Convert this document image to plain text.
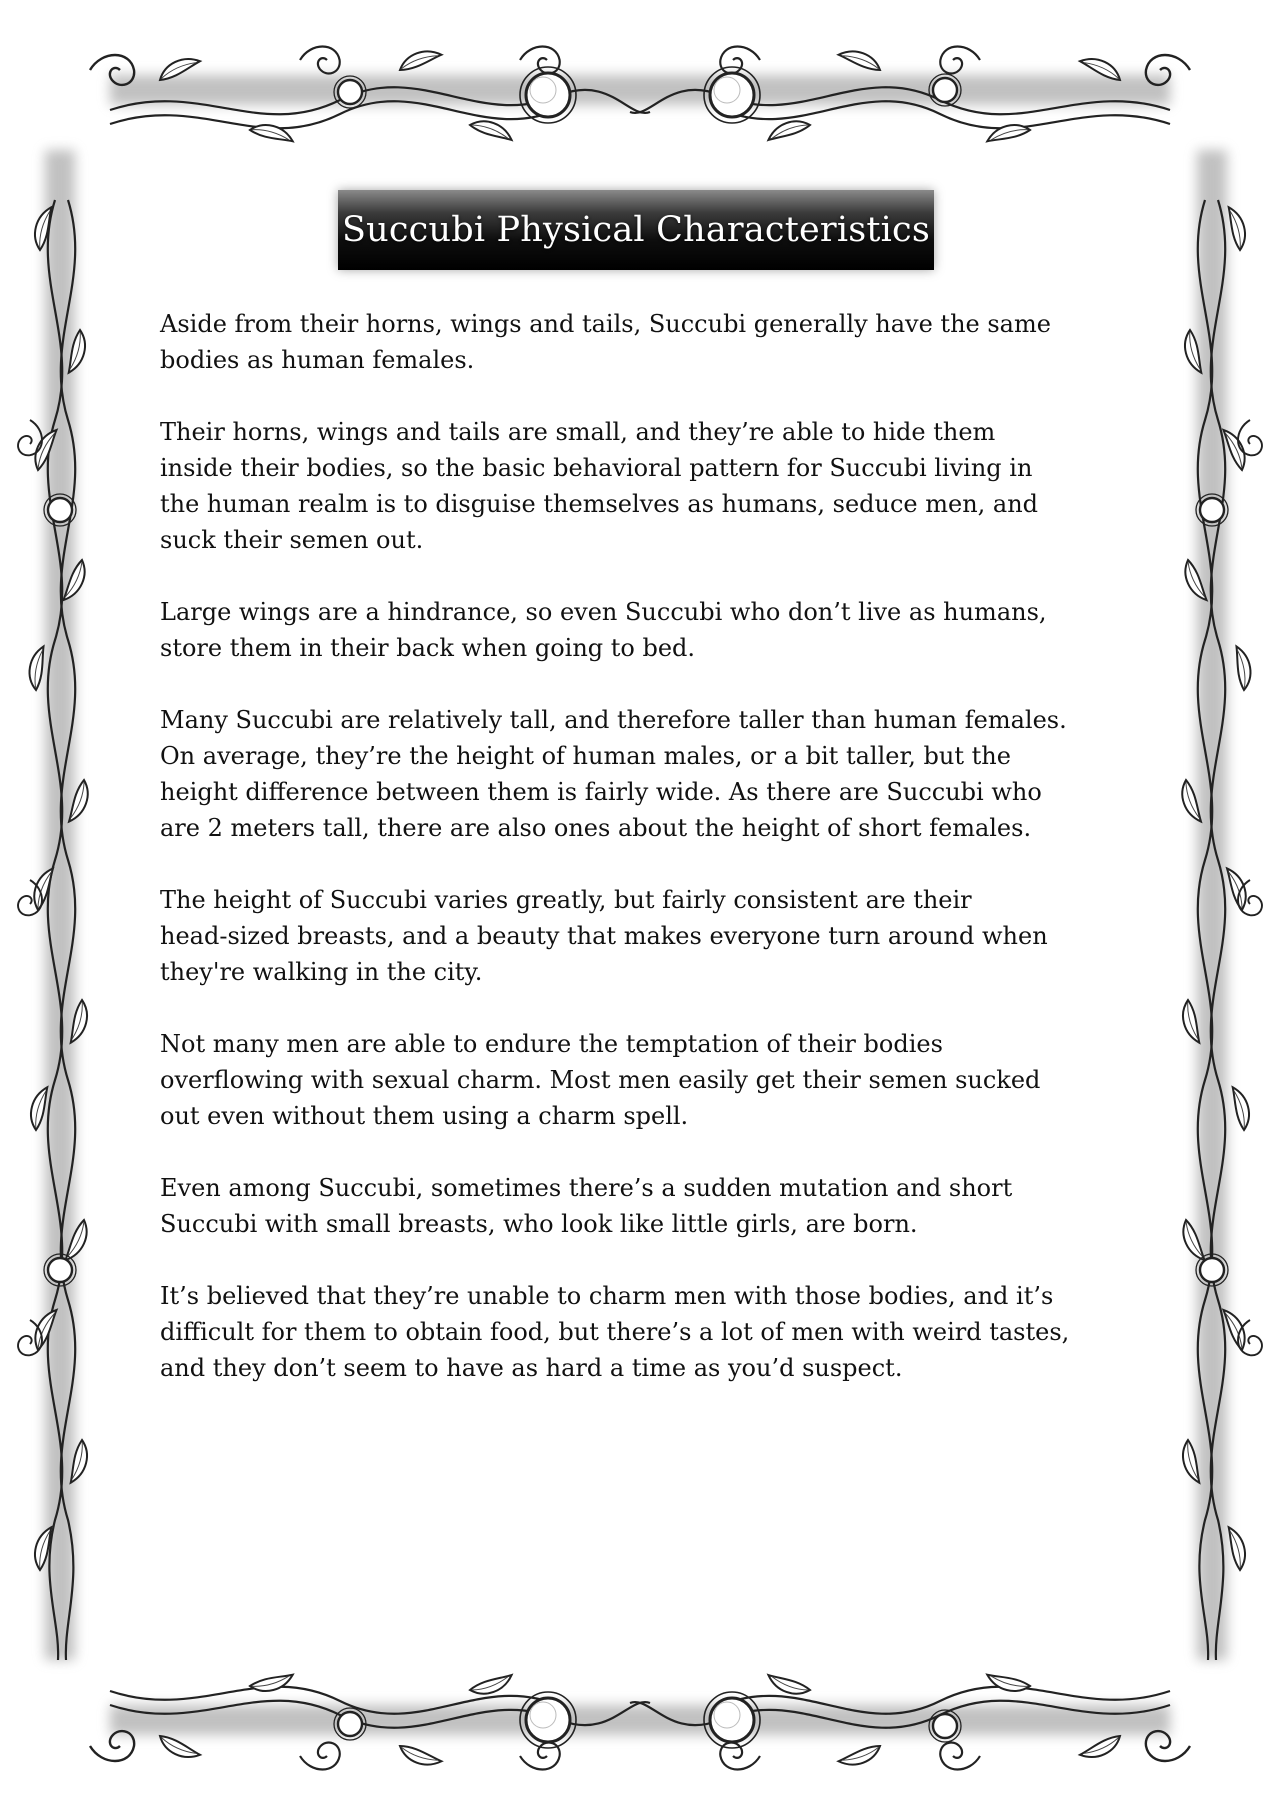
Succubi Physical Characteristics

Aside from their horns, wings and tails, Succubi generally have the same
bodies as human females.

Their horns, wings and tails are small, and they’re able to hide them
inside their bodies, so the basic behavioral pattern for Succubi living in
the human realm is to disguise themselves as humans, seduce men, and
suck their semen out.

Large wings are a hindrance, so even Succubi who don’t live as humans,
store them in their back when going to bed.

Many Succubi are relatively tall, and therefore taller than human females.
On average, they’re the height of human males, or a bit taller, but the
height difference between them is fairly wide. As there are Succubi who
are 2 meters tall, there are also ones about the height of short females.

The height of Succubi varies greatly, but fairly consistent are their
head-sized breasts, and a beauty that makes everyone turn around when
they're walking in the city.

Not many men are able to endure the temptation of their bodies
overflowing with sexual charm. Most men easily get their semen sucked
out even without them using a charm spell.

Even among Succubi, sometimes there’s a sudden mutation and short
Succubi with small breasts, who look like little girls, are born.

It’s believed that they’re unable to charm men with those bodies, and it’s
difficult for them to obtain food, but there’s a lot of men with weird tastes,
and they don’t seem to have as hard a time as you’d suspect.
